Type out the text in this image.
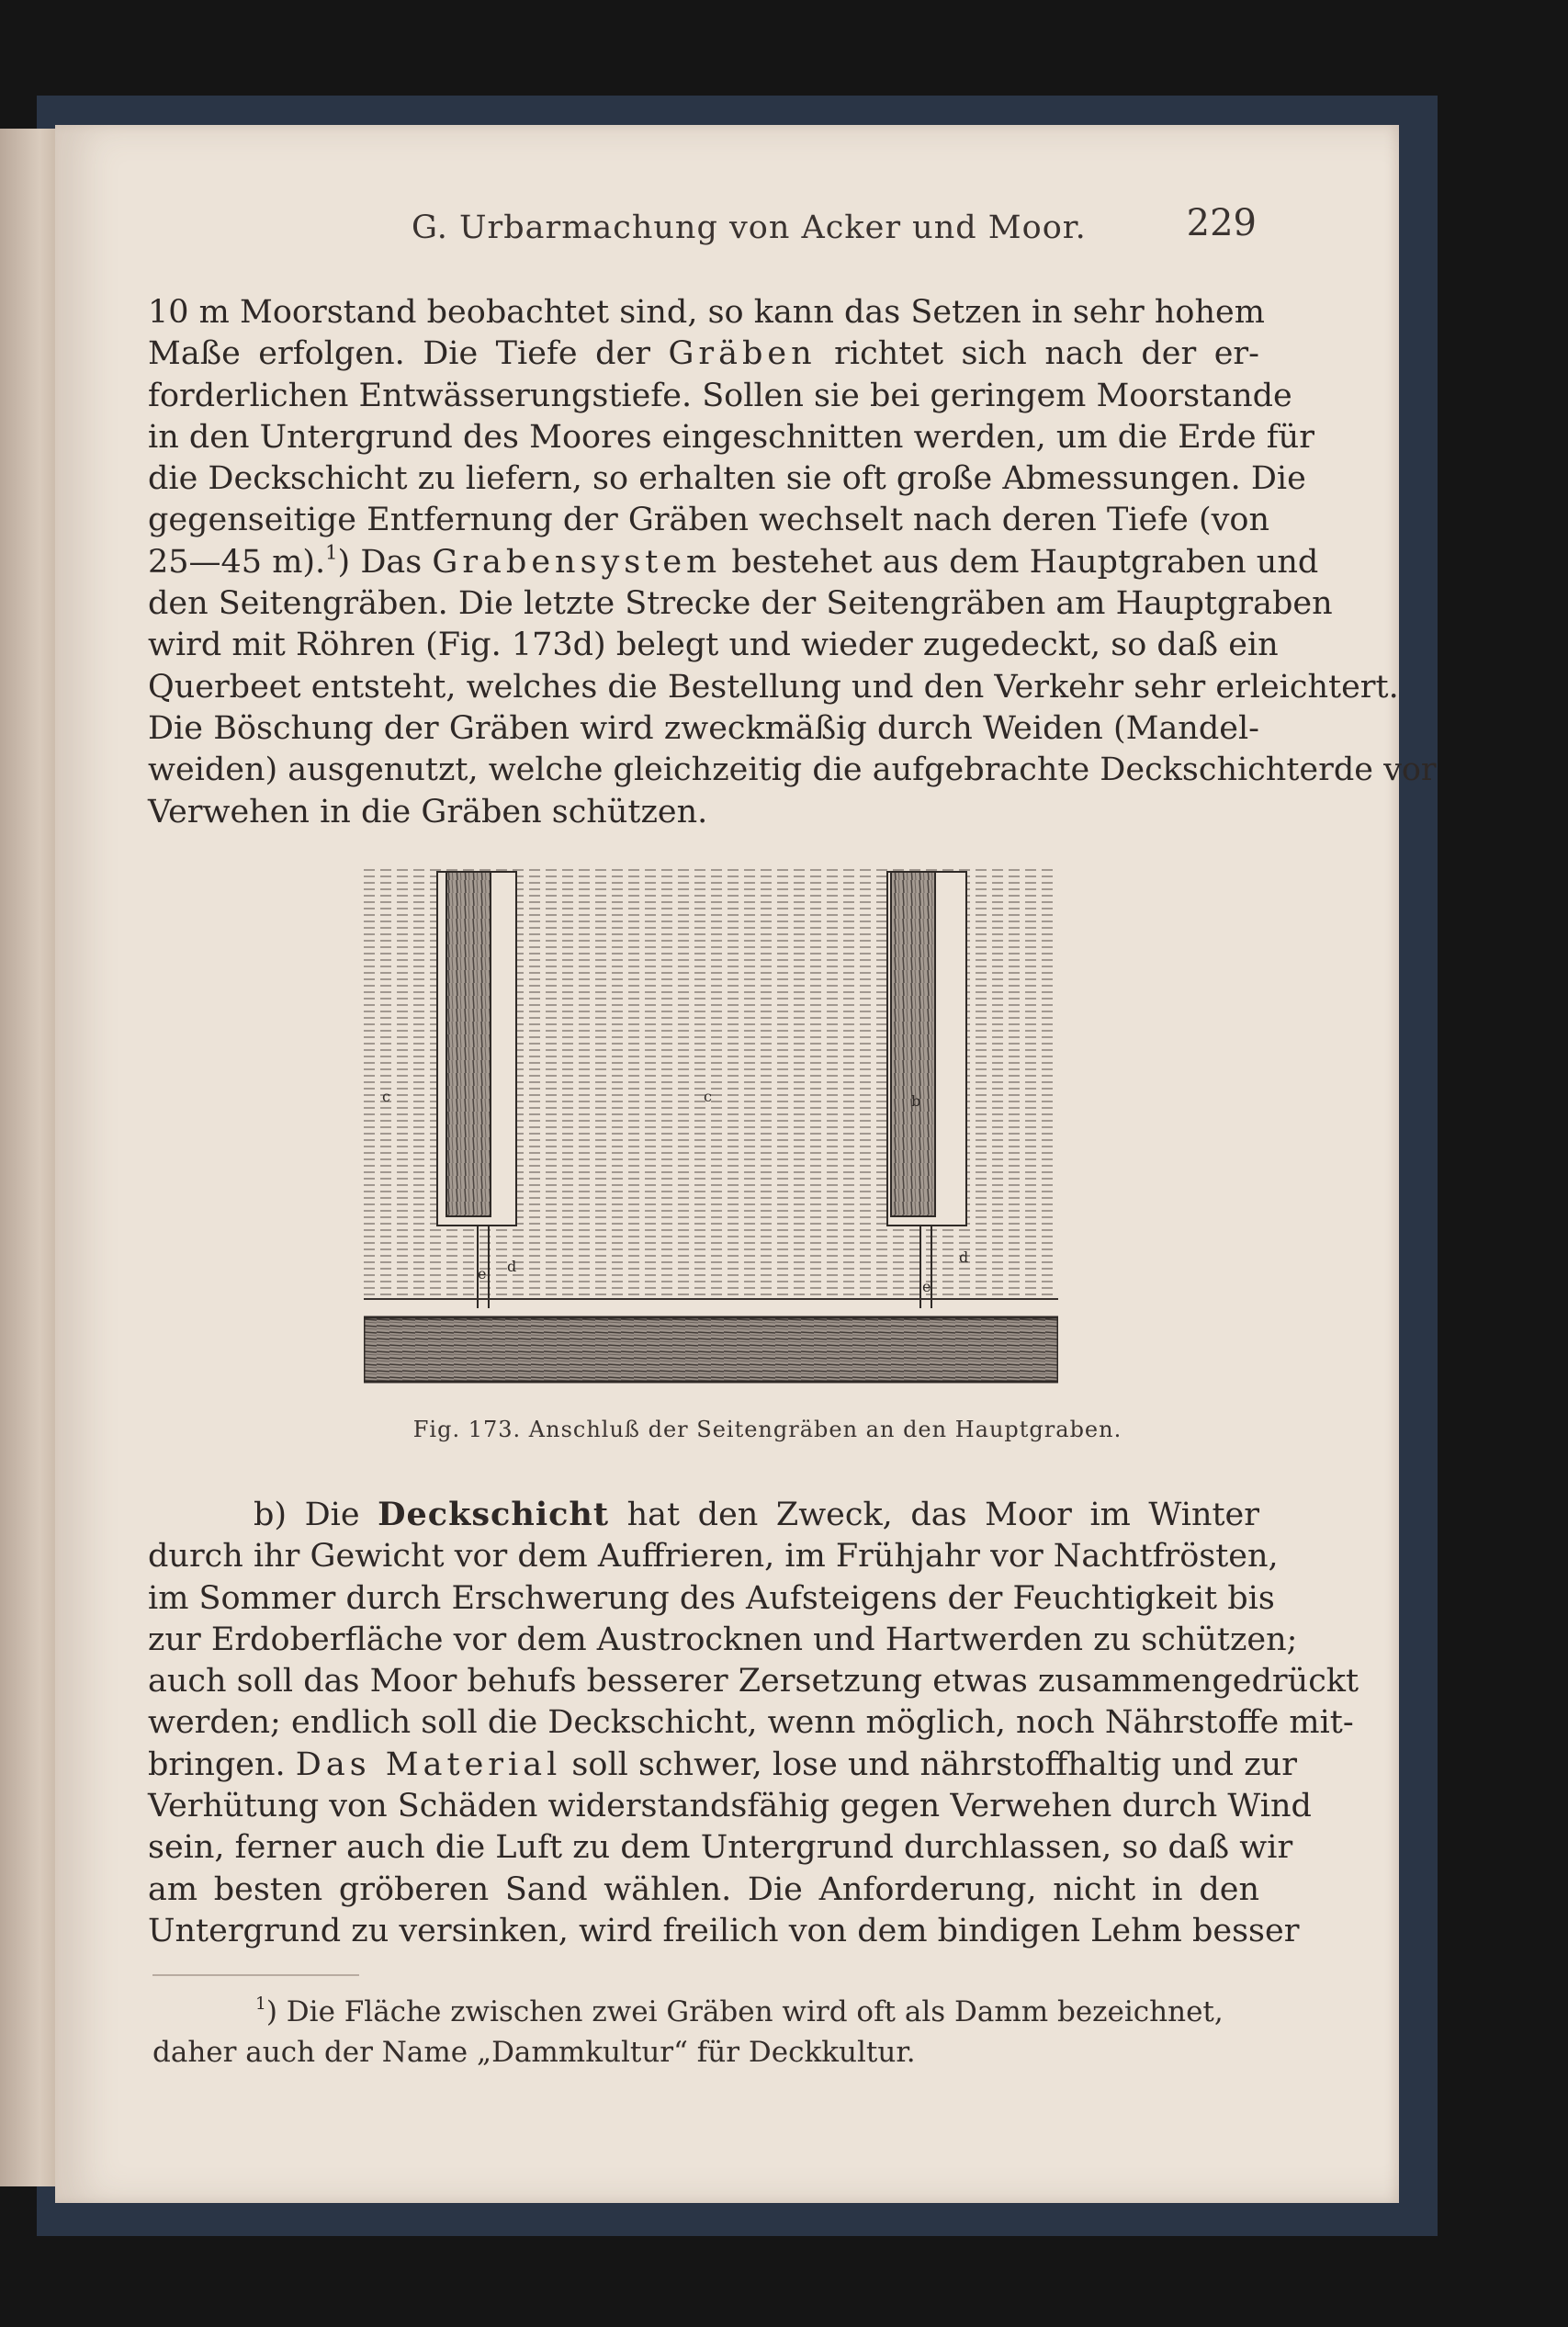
G. Urbarmachung von Acker und Moor.	229
10 m Moorstand beobachtet sind, so kann das Setzen in sehr hohem
Maße erfolgen. Die Tiefe der Gräben richtet sich nach der er-
forderlichen Entwässerungstiefe. Sollen sie bei geringem Moorstande
in den Untergrund des Moores eingeschnitten werden, um die Erde für
die Deckschicht zu liefern, so erhalten sie oft große Abmessungen. Die
gegenseitige Entfernung der Gräben wechselt nach deren Tiefe (von
25—45 m).$^1$) Das Grabensystem bestehet aus dem Hauptgraben und
den Seitengräben. Die letzte Strecke der Seitengräben am Hauptgraben
wird mit Röhren (Fig. 173d) belegt und wieder zugedeckt, so daß ein
Querbeet entsteht, welches die Bestellung und den Verkehr sehr erleichtert.
Die Böschung der Gräben wird zweckmäßig durch Weiden (Mandel-
weiden) ausgenutzt, welche gleichzeitig die aufgebrachte Deckschichterde vor
Verwehen in die Gräben schützen.
c	c	b
d
d
e
e
Fig. 173. Anschluß der Seitengräben an den Hauptgraben.
b) Die Deckschicht hat den Zweck, das Moor im Winter
durch ihr Gewicht vor dem Auffrieren, im Frühjahr vor Nachtfrösten,
im Sommer durch Erschwerung des Aufsteigens der Feuchtigkeit bis
zur Erdoberfläche vor dem Austrocknen und Hartwerden zu schützen;
auch soll das Moor behufs besserer Zersetzung etwas zusammengedrückt
werden; endlich soll die Deckschicht, wenn möglich, noch Nährstoffe mit-
bringen. Das Material soll schwer, lose und nährstoffhaltig und zur
Verhütung von Schäden widerstandsfähig gegen Verwehen durch Wind
sein, ferner auch die Luft zu dem Untergrund durchlassen, so daß wir
am besten gröberen Sand wählen. Die Anforderung, nicht in den
Untergrund zu versinken, wird freilich von dem bindigen Lehm besser
$^1$) Die Fläche zwischen zwei Gräben wird oft als Damm bezeichnet,
daher auch der Name „Dammkultur“ für Deckkultur.
